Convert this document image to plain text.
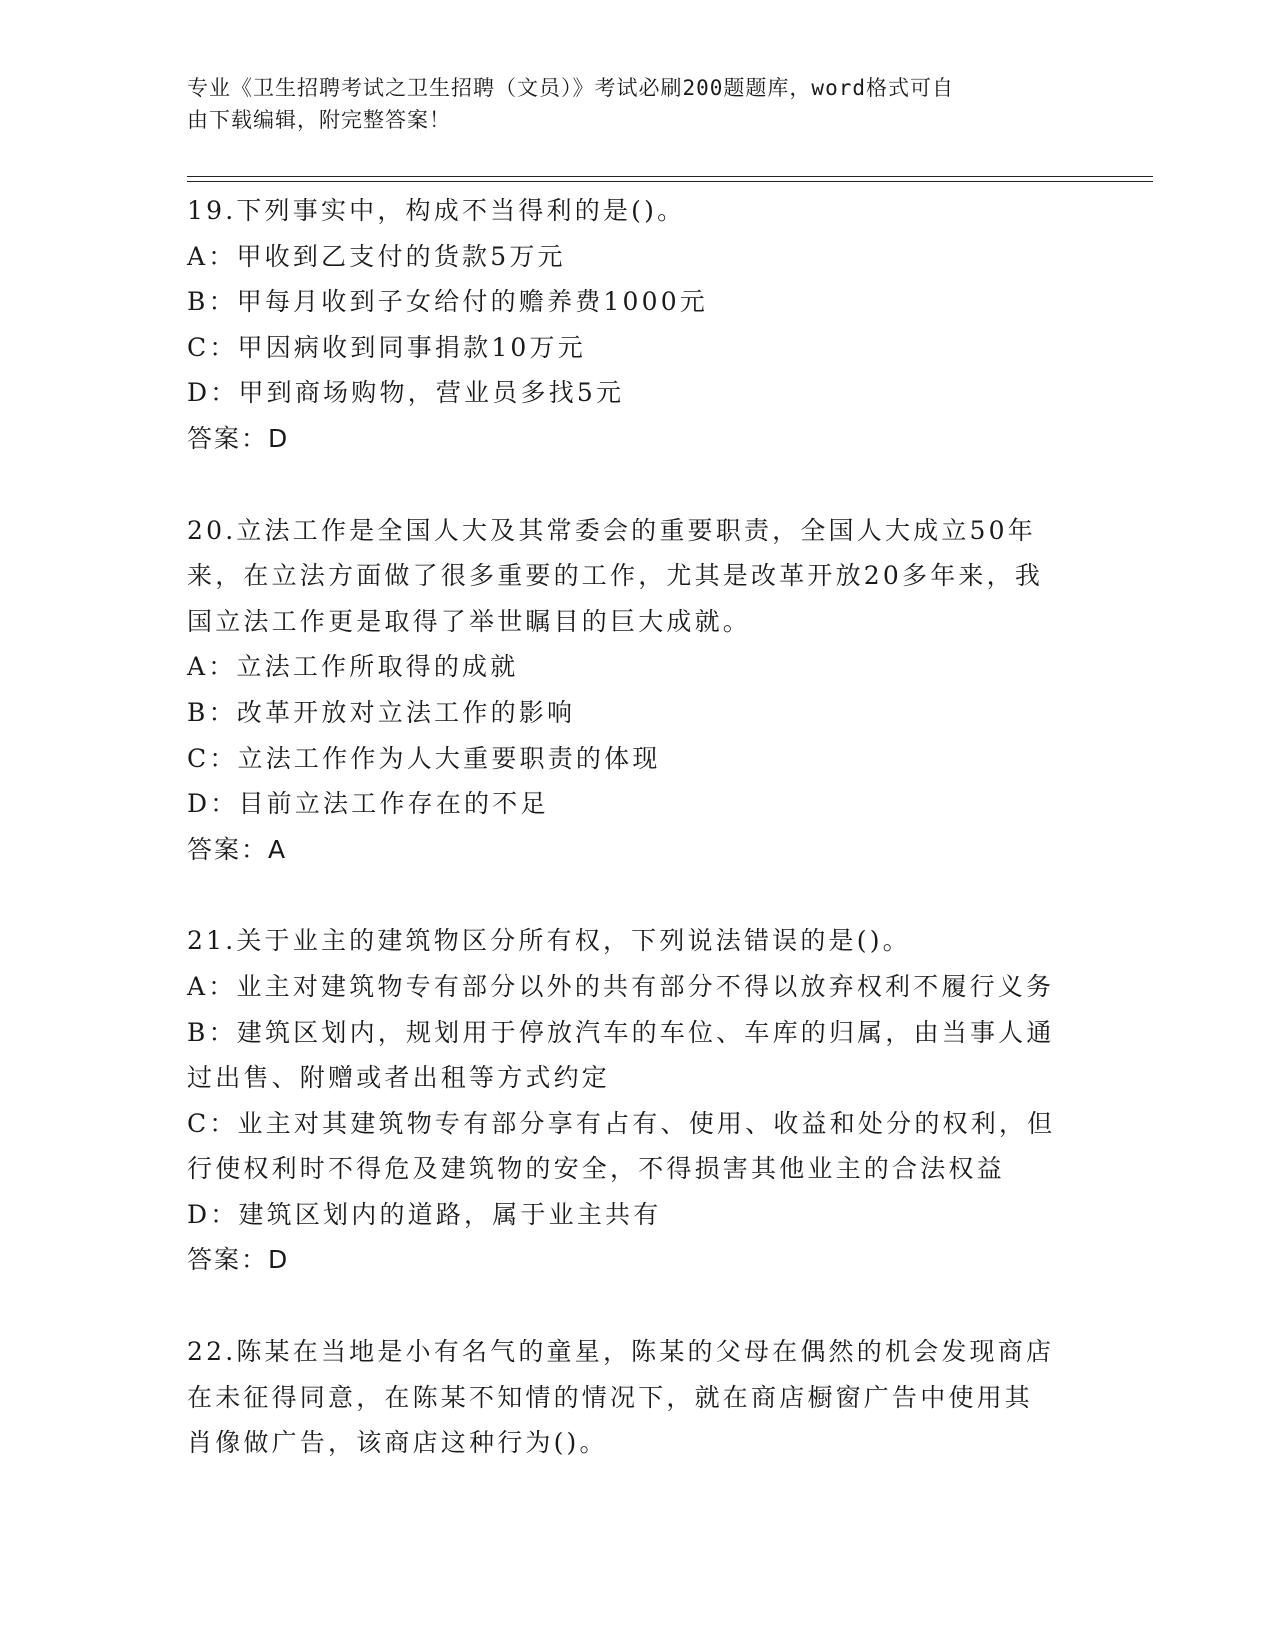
专业《卫生招聘考试之卫生招聘（文员）》考试必刷200题题库，word格式可自
由下载编辑，附完整答案！
19.下列事实中，构成不当得利的是()。
A：甲收到乙支付的货款5万元
B：甲每月收到子女给付的赡养费1000元
C：甲因病收到同事捐款10万元
D：甲到商场购物，营业员多找5元
答案：D
20.立法工作是全国人大及其常委会的重要职责，全国人大成立50年
来，在立法方面做了很多重要的工作，尤其是改革开放20多年来，我
国立法工作更是取得了举世瞩目的巨大成就。
A：立法工作所取得的成就
B：改革开放对立法工作的影响
C：立法工作作为人大重要职责的体现
D：目前立法工作存在的不足
答案：A
21.关于业主的建筑物区分所有权，下列说法错误的是()。
A：业主对建筑物专有部分以外的共有部分不得以放弃权利不履行义务
B：建筑区划内，规划用于停放汽车的车位、车库的归属，由当事人通
过出售、附赠或者出租等方式约定
C：业主对其建筑物专有部分享有占有、使用、收益和处分的权利，但
行使权利时不得危及建筑物的安全，不得损害其他业主的合法权益
D：建筑区划内的道路，属于业主共有
答案：D
22.陈某在当地是小有名气的童星，陈某的父母在偶然的机会发现商店
在未征得同意，在陈某不知情的情况下，就在商店橱窗广告中使用其
肖像做广告，该商店这种行为()。
